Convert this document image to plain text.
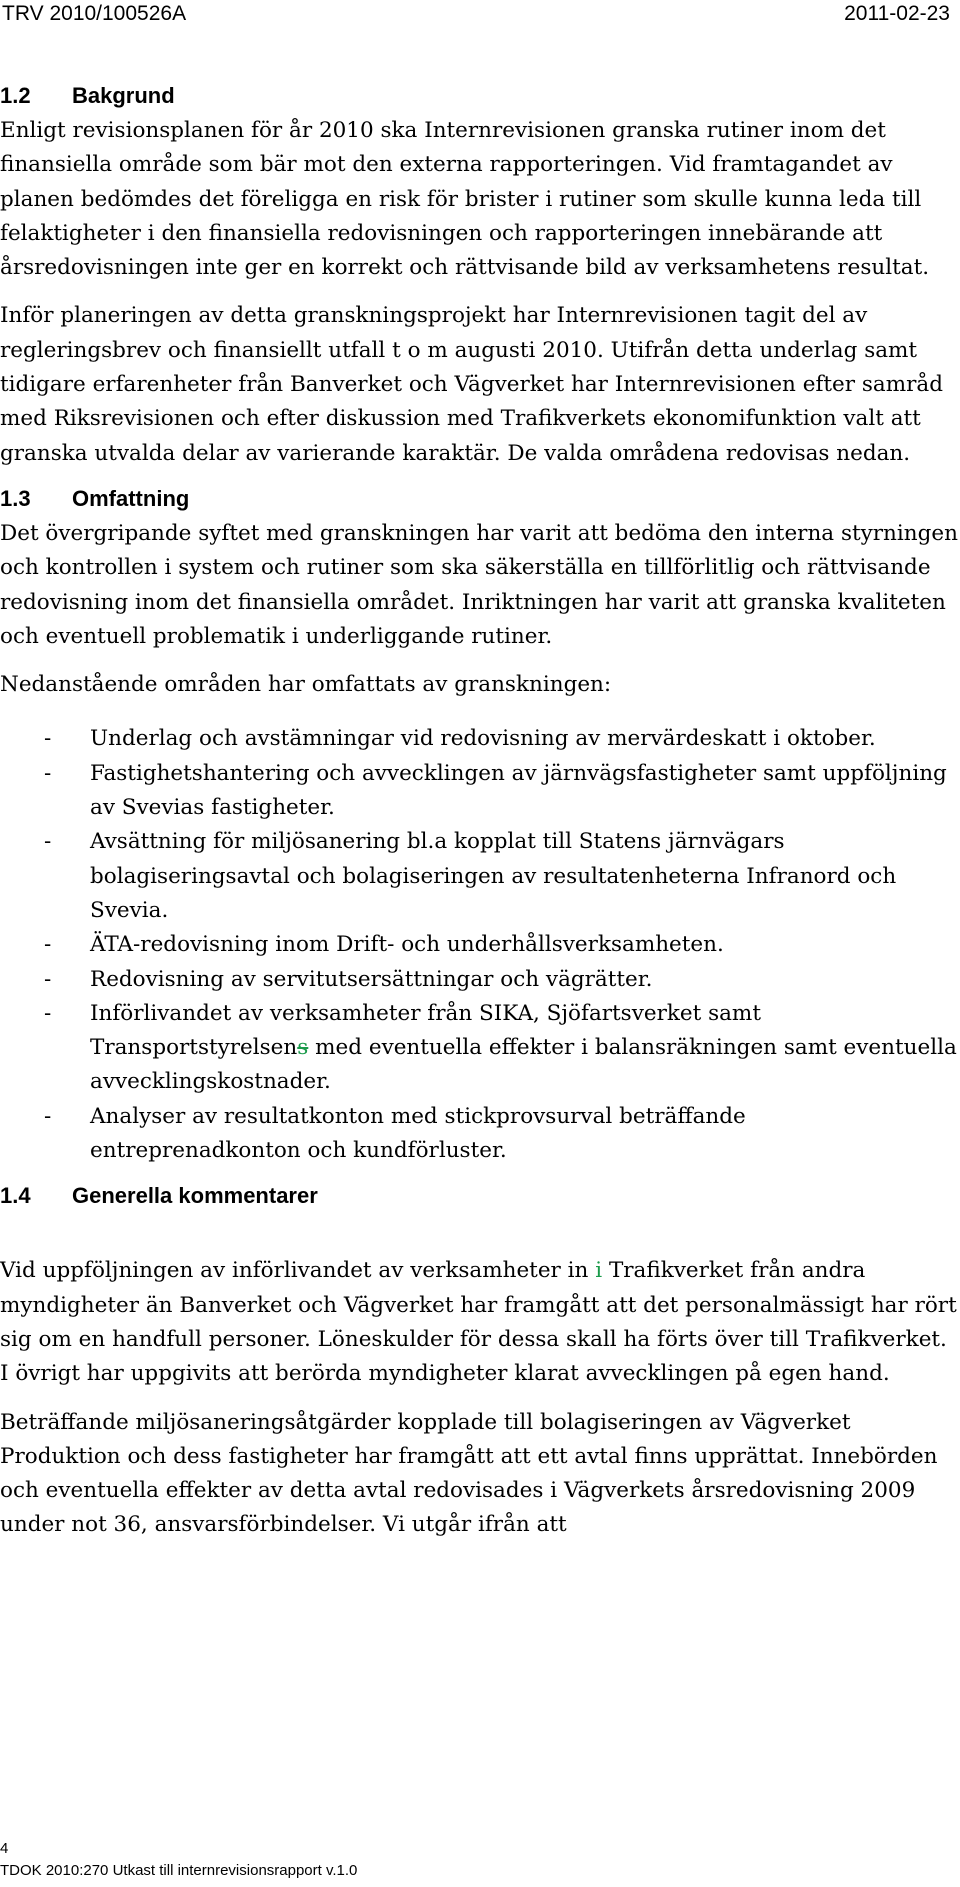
TRV 2010/100526A	2011-02-23
1.2 Bakgrund

Enligt revisionsplanen för år 2010 ska Internrevisionen granska rutiner inom det finansiella område som bär mot den externa rapporteringen. Vid framtagandet av planen bedömdes det föreligga en risk för brister i rutiner som skulle kunna leda till felaktigheter i den finansiella redovisningen och rapporteringen innebärande att årsredovisningen inte ger en korrekt och rättvisande bild av verksamhetens resultat.

Inför planeringen av detta granskningsprojekt har Internrevisionen tagit del av regleringsbrev och finansiellt utfall t o m augusti 2010. Utifrån detta underlag samt tidigare erfarenheter från Banverket och Vägverket har Internrevisionen efter samråd med Riksrevisionen och efter diskussion med Trafikverkets ekonomifunktion valt att granska utvalda delar av varierande karaktär. De valda områdena redovisas nedan.

1.3 Omfattning

Det övergripande syftet med granskningen har varit att bedöma den interna styrningen och kontrollen i system och rutiner som ska säkerställa en tillförlitlig och rättvisande redovisning inom det finansiella området. Inriktningen har varit att granska kvaliteten och eventuell problematik i underliggande rutiner.

Nedanstående områden har omfattats av granskningen:

- Underlag och avstämningar vid redovisning av mervärdeskatt i oktober.
- Fastighetshantering och avvecklingen av järnvägsfastigheter samt uppföljning av Svevias fastigheter.
- Avsättning för miljösanering bl.a kopplat till Statens järnvägars bolagiseringsavtal och bolagiseringen av resultatenheterna Infranord och Svevia.
- ÄTA-redovisning inom Drift- och underhållsverksamheten.
- Redovisning av servitutsersättningar och vägrätter.
- Införlivandet av verksamheter från SIKA, Sjöfartsverket samt Transportstyrelsens med eventuella effekter i balansräkningen samt eventuella avvecklingskostnader.
- Analyser av resultatkonton med stickprovsurval beträffande entreprenadkonton och kundförluster.
1.4 Generella kommentarer

Vid uppföljningen av införlivandet av verksamheter in i Trafikverket från andra myndigheter än Banverket och Vägverket har framgått att det personalmässigt har rört sig om en handfull personer. Löneskulder för dessa skall ha förts över till Trafikverket. I övrigt har uppgivits att berörda myndigheter klarat avvecklingen på egen hand.

Beträffande miljösaneringsåtgärder kopplade till bolagiseringen av Vägverket Produktion och dess fastigheter har framgått att ett avtal finns upprättat. Innebörden och eventuella effekter av detta avtal redovisades i Vägverkets årsredovisning 2009 under not 36, ansvarsförbindelser. Vi utgår ifrån att

4
TDOK 2010:270 Utkast till internrevisionsrapport v.1.0
